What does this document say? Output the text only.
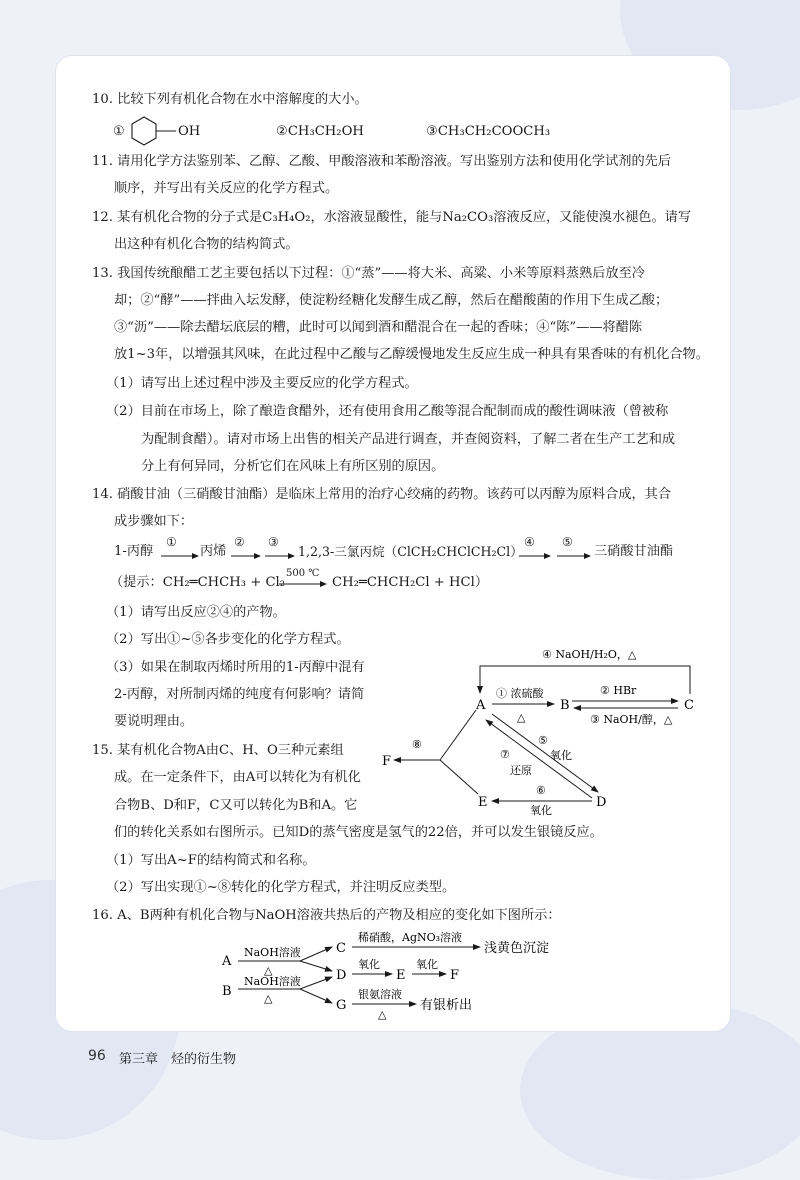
10. 比较下列有机化合物在水中溶解度的大小。
①	OH	②CH₃CH₂OH	③CH₃CH₂COOCH₃
11. 请用化学方法鉴别苯、乙醇、乙酸、甲酸溶液和苯酚溶液。写出鉴别方法和使用化学试剂的先后
顺序，并写出有关反应的化学方程式。
12. 某有机化合物的分子式是C₃H₄O₂，水溶液显酸性，能与Na₂CO₃溶液反应，又能使溴水褪色。请写
出这种有机化合物的结构简式。
13. 我国传统酿醋工艺主要包括以下过程：①“蒸”——将大米、高粱、小米等原料蒸熟后放至冷
却；②“酵”——拌曲入坛发酵，使淀粉经糖化发酵生成乙醇，然后在醋酸菌的作用下生成乙酸；
③“沥”——除去醋坛底层的糟，此时可以闻到酒和醋混合在一起的香味；④“陈”——将醋陈
放1~3年，以增强其风味，在此过程中乙酸与乙醇缓慢地发生反应生成一种具有果香味的有机化合物。
（1）请写出上述过程中涉及主要反应的化学方程式。
（2）目前在市场上，除了酿造食醋外，还有使用食用乙酸等混合配制而成的酸性调味液（曾被称
为配制食醋）。请对市场上出售的相关产品进行调查，并查阅资料，了解二者在生产工艺和成
分上有何异同，分析它们在风味上有所区别的原因。
14. 硝酸甘油（三硝酸甘油酯）是临床上常用的治疗心绞痛的药物。该药可以丙醇为原料合成，其合
成步骤如下：
1-丙醇
①
丙烯
② ③
1,2,3-三氯丙烷（ClCH₂CHClCH₂Cl）
④ ⑤
三硝酸甘油酯
（提示：CH₂═CHCH₃ + Cl₂
500 ℃
CH₂═CHCH₂Cl + HCl）
（1）请写出反应②④的产物。
（2）写出①~⑤各步变化的化学方程式。
（3）如果在制取丙烯时所用的1-丙醇中混有
2-丙醇，对所制丙烯的纯度有何影响？请简
要说明理由。
15. 某有机化合物A由C、H、O三种元素组
成。在一定条件下，由A可以转化为有机化
合物B、D和F，C又可以转化为B和A。它
们的转化关系如右图所示。已知D的蒸气密度是氢气的22倍，并可以发生银镜反应。
（1）写出A~F的结构简式和名称。
（2）写出实现①~⑧转化的化学方程式，并注明反应类型。
A	B	C
D
E
F
④ NaOH/H₂O，△
① 浓硫酸
△
② HBr
③ NaOH/醇，△
⑤
氧化
⑦
还原
⑥
氧化
⑧
16. A、B两种有机化合物与NaOH溶液共热后的产物及相应的变化如下图所示：
A
B
NaOH溶液
△
NaOH溶液
△
C
D
G
稀硝酸，AgNO₃溶液
浅黄色沉淀
氧化
E
氧化
F
银氨溶液
△
有银析出
96 第三章 烃的衍生物
